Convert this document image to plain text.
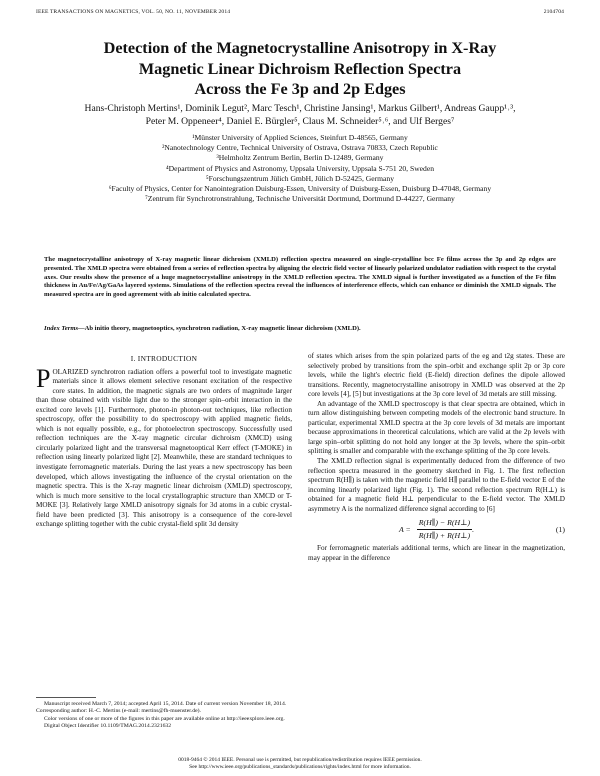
IEEE TRANSACTIONS ON MAGNETICS, VOL. 50, NO. 11, NOVEMBER 2014	2104704
Detection of the Magnetocrystalline Anisotropy in X-Ray
Magnetic Linear Dichroism Reflection Spectra
Across the Fe 3p and 2p Edges
Hans-Christoph Mertins¹, Dominik Legut², Marc Tesch¹, Christine Jansing¹, Markus Gilbert¹, Andreas Gaupp¹˒³,
Peter M. Oppeneer⁴, Daniel E. Bürgler⁵, Claus M. Schneider⁵˒⁶, and Ulf Berges⁷
¹Münster University of Applied Sciences, Steinfurt D-48565, Germany
²Nanotechnology Centre, Technical University of Ostrava, Ostrava 70833, Czech Republic
³Helmholtz Zentrum Berlin, Berlin D-12489, Germany
⁴Department of Physics and Astronomy, Uppsala University, Uppsala S-751 20, Sweden
⁵Forschungszentrum Jülich GmbH, Jülich D-52425, Germany
⁶Faculty of Physics, Center for Nanointegration Duisburg-Essen, University of Duisburg-Essen, Duisburg D-47048, Germany
⁷Zentrum für Synchrotronstrahlung, Technische Universität Dortmund, Dortmund D-44227, Germany
The magnetocrystalline anisotropy of X-ray magnetic linear dichroism (XMLD) reflection spectra measured on single-crystalline bcc Fe films across the 3p and 2p edges are presented. The XMLD spectra were obtained from a series of reflection spectra by aligning the electric field vector of linearly polarized undulator radiation with respect to the crystal axes. Our results show the presence of a huge magnetocrystalline anisotropy in the XMLD reflection spectra. The XMLD signal is further investigated as a function of the Fe film thickness in Au/Fe/Ag/GaAs layered systems. Simulations of the reflection spectra reveal the influences of interference effects, which can enhance or diminish the XMLD signals. The measured spectra are in good agreement with ab initio calculated spectra.
Index Terms—Ab initio theory, magnetooptics, synchrotron radiation, X-ray magnetic linear dichroism (XMLD).
I. INTRODUCTION

POLARIZED synchrotron radiation offers a powerful tool to investigate magnetic materials since it allows element selective resonant excitation of the respective core states. In addition, the magnetic signals are two orders of magnitude larger than those obtained with visible light due to the stronger spin–orbit interaction in the excited core levels [1]. Furthermore, photon-in photon-out techniques, like reflection spectroscopy, offer the possibility to do spectroscopy with applied magnetic fields, which is not equally possible, e.g., for photoelectron spectroscopy. Successfully used reflection techniques are the X-ray magnetic circular dichroism (XMCD) using circularly polarized light and the transversal magnetooptical Kerr effect (T-MOKE) in reflection using linearly polarized light [2]. Meanwhile, these are standard techniques to investigate ferromagnetic materials. During the last years a new spectroscopy has been developed, which allows investigating the influence of the crystal orientation on the magnetic spectra. This is the X-ray magnetic linear dichroism (XMLD) spectroscopy, which is much more sensitive to the local crystallographic structure than XMCD or T-MOKE [3]. Relatively large XMLD anisotropy signals for 3d atoms in a cubic crystal-field have been predicted [3]. This anisotropy is a consequence of the core-level exchange splitting together with the cubic crystal-field split 3d density

Manuscript received March 7, 2014; accepted April 15, 2014. Date of current version November 18, 2014. Corresponding author: H.-C. Mertins (e-mail: mertins@fh-muenster.de).

Color versions of one or more of the figures in this paper are available online at http://ieeexplore.ieee.org.

Digital Object Identifier 10.1109/TMAG.2014.2321632

of states which arises from the spin polarized parts of the eg and t2g states. These are selectively probed by transitions from the spin–orbit and exchange split 2p or 3p core levels, while the light's electric field (E-field) direction defines the dipole allowed transitions. Recently, magnetocrystalline anisotropy in XMLD was observed at the 2p core levels [4], [5] but investigations at the 3p core level of 3d metals are still missing.

An advantage of the XMLD spectroscopy is that clear spectra are obtained, which in turn allow distinguishing between competing models of the electronic band structure. In particular, experimental XMLD spectra at the 3p core levels of 3d metals are important because approximations in theoretical calculations, which are valid at the 2p levels with large spin–orbit splitting do not hold any longer at the 3p levels, where the spin–orbit splitting is smaller and comparable with the exchange splitting of the 3p core levels.

The XMLD reflection signal is experimentally deduced from the difference of two reflection spectra measured in the geometry sketched in Fig. 1. The first reflection spectrum R(H∥) is taken with the magnetic field H∥ parallel to the E-field vector E of the incoming linearly polarized light (Fig. 1). The second reflection spectrum R(H⊥) is obtained for a magnetic field H⊥ perpendicular to the E-field vector. The XMLD asymmetry A is the normalized difference signal according to [6]

$A = \frac{R(H\parallel) - R(H\perp)}{R(H\parallel) + R(H\perp)}$ .	(1)

For ferromagnetic materials additional terms, which are linear in the magnetization, may appear in the difference

0018-9464 © 2014 IEEE. Personal use is permitted, but republication/redistribution requires IEEE permission.
See http://www.ieee.org/publications_standards/publications/rights/index.html for more information.
